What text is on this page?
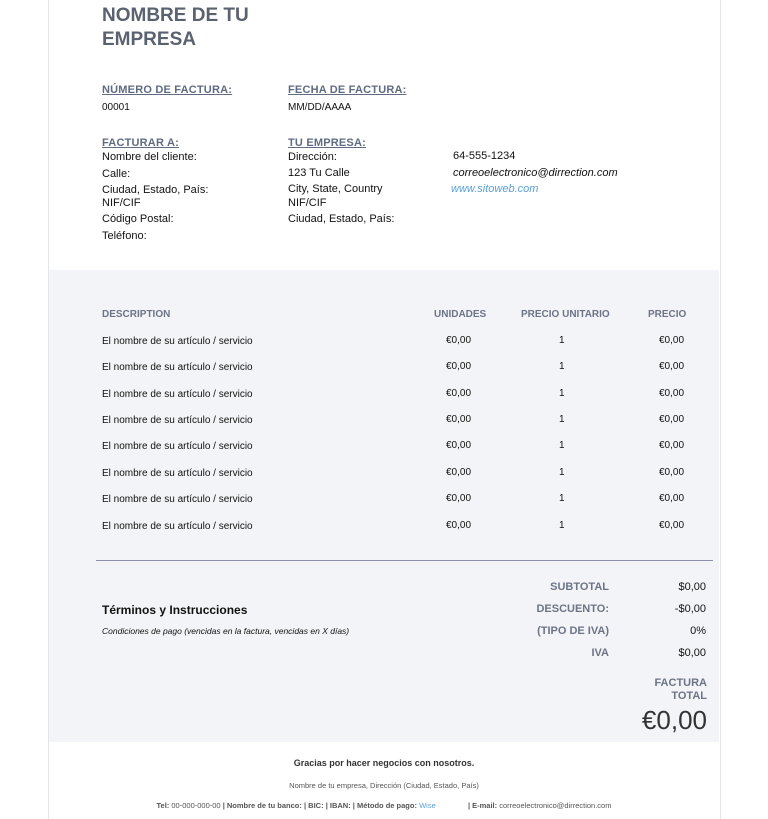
NOMBRE DE TU EMPRESA
NÚMERO DE FACTURA:
00001
FECHA DE FACTURA:
MM/DD/AAAA
FACTURAR A:
Nombre del cliente:
Calle:
Ciudad, Estado, País:
NIF/CIF
Código Postal:
Teléfono:
TU EMPRESA:
Dirección:
123 Tu Calle
City, State, Country
NIF/CIF
Ciudad, Estado, País:
64-555-1234
correoelectronico@dirrection.com
www.sitoweb.com
DESCRIPTION	UNIDADES	PRECIO UNITARIO	PRECIO
El nombre de su artículo / servicio	€0,00	1	€0,00
El nombre de su artículo / servicio	€0,00	1	€0,00
El nombre de su artículo / servicio	€0,00	1	€0,00
El nombre de su artículo / servicio	€0,00	1	€0,00
El nombre de su artículo / servicio	€0,00	1	€0,00
El nombre de su artículo / servicio	€0,00	1	€0,00
El nombre de su artículo / servicio	€0,00	1	€0,00
El nombre de su artículo / servicio	€0,00	1	€0,00
Términos y Instrucciones
Condiciones de pago (vencidas en la factura, vencidas en X días)
SUBTOTAL	$0,00
DESCUENTO:	-$0,00
(TIPO DE IVA)	0%
IVA	$0,00
FACTURA
TOTAL
€0,00
Gracias por hacer negocios con nosotros.
Nombre de tu empresa, Dirección (Ciudad, Estado, País)
Tel: 00-000-000-00 | Nombre de tu banco: | BIC: | IBAN: | Método de pago: Wise	| E-mail: correoelectronico@dirrection.com
